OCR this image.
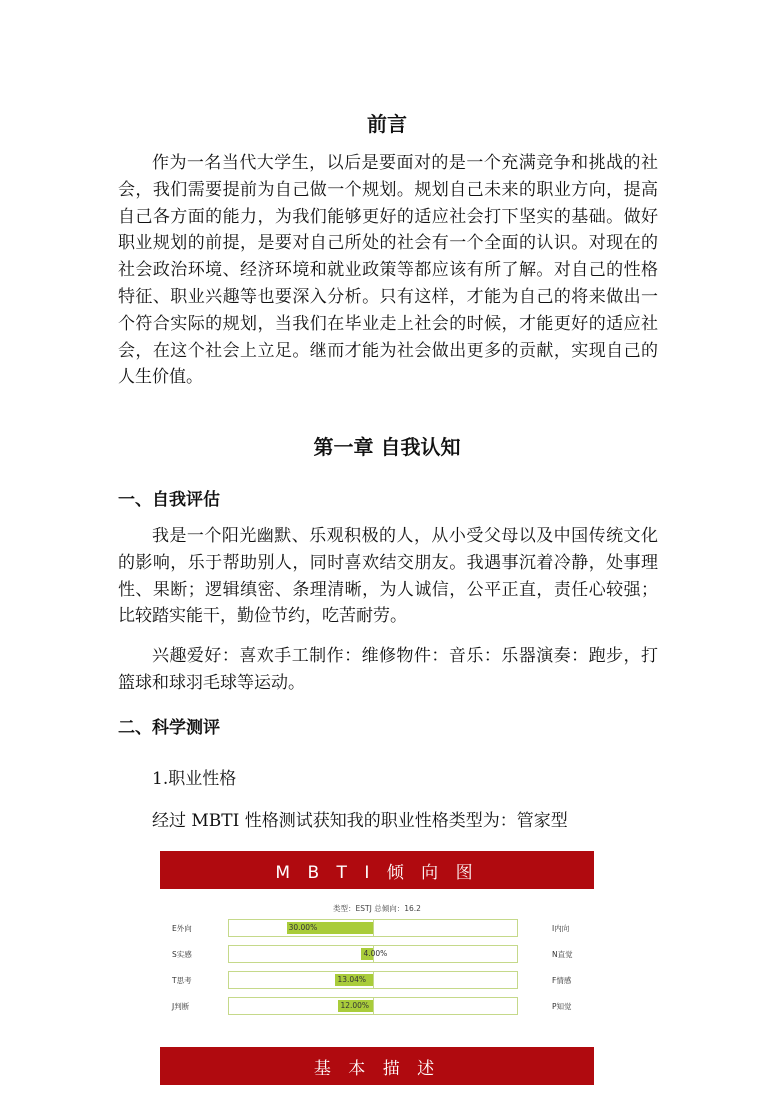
前言

作为一名当代大学生，以后是要面对的是一个充满竞争和挑战的社会，我们需要提前为自己做一个规划。规划自己未来的职业方向，提高自己各方面的能力，为我们能够更好的适应社会打下坚实的基础。做好职业规划的前提，是要对自己所处的社会有一个全面的认识。对现在的社会政治环境、经济环境和就业政策等都应该有所了解。对自己的性格特征、职业兴趣等也要深入分析。只有这样，才能为自己的将来做出一个符合实际的规划，当我们在毕业走上社会的时候，才能更好的适应社会，在这个社会上立足。继而才能为社会做出更多的贡献，实现自己的人生价值。

第一章 自我认知
一、自我评估

我是一个阳光幽默、乐观积极的人，从小受父母以及中国传统文化的影响，乐于帮助别人，同时喜欢结交朋友。我遇事沉着冷静，处事理性、果断；逻辑缜密、条理清晰，为人诚信，公平正直，责任心较强；比较踏实能干，勤俭节约，吃苦耐劳。

兴趣爱好：喜欢手工制作：维修物件：音乐：乐器演奏：跑步，打篮球和球羽毛球等运动。

二、科学测评
1.职业性格
经过 MBTI 性格测试获知我的职业性格类型为：管家型
M B T I 倾 向 图
类型：ESTJ 总倾向：16.2
E外向	30.00%	I内向
S实感	4.00%	N直觉
T思考	13.04%	F情感
J判断	12.00%	P知觉
基 本 描 述
